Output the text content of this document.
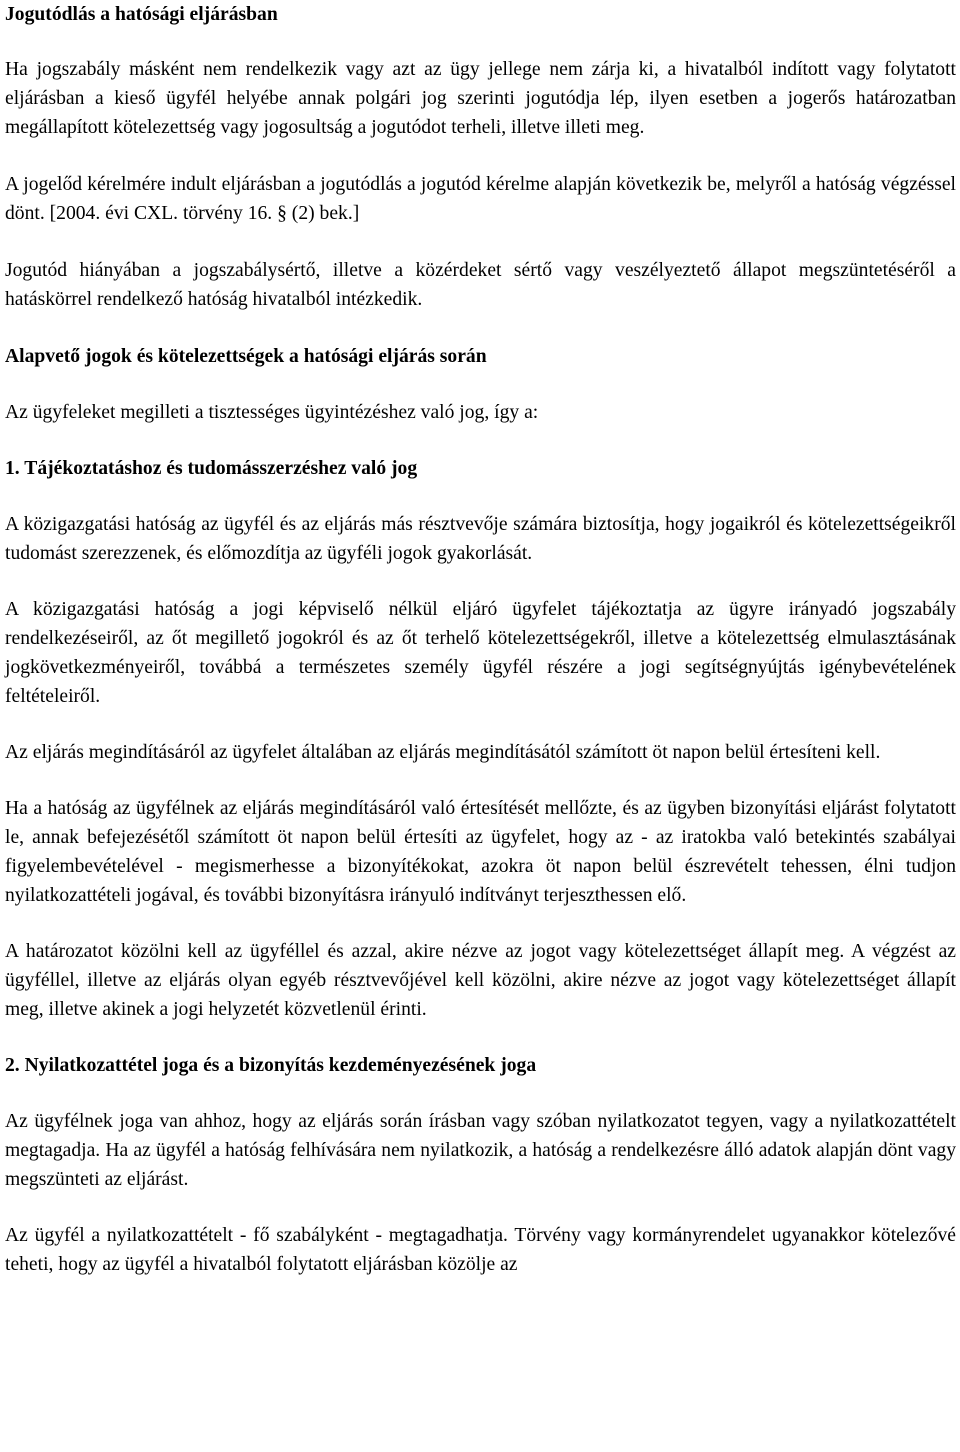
Jogutódlás a hatósági eljárásban

Ha jogszabály másként nem rendelkezik vagy azt az ügy jellege nem zárja ki, a hivatalból indított vagy folytatott eljárásban a kieső ügyfél helyébe annak polgári jog szerinti jogutódja lép, ilyen esetben a jogerős határozatban megállapított kötelezettség vagy jogosultság a jogutódot terheli, illetve illeti meg.

A jogelőd kérelmére indult eljárásban a jogutódlás a jogutód kérelme alapján következik be, melyről a hatóság végzéssel dönt. [2004. évi CXL. törvény 16. § (2) bek.]

Jogutód hiányában a jogszabálysértő, illetve a közérdeket sértő vagy veszélyeztető állapot megszüntetéséről a hatáskörrel rendelkező hatóság hivatalból intézkedik.

Alapvető jogok és kötelezettségek a hatósági eljárás során

Az ügyfeleket megilleti a tisztességes ügyintézéshez való jog, így a:

1. Tájékoztatáshoz és tudomásszerzéshez való jog

A közigazgatási hatóság az ügyfél és az eljárás más résztvevője számára biztosítja, hogy jogaikról és kötelezettségeikről tudomást szerezzenek, és előmozdítja az ügyféli jogok gyakorlását.

A közigazgatási hatóság a jogi képviselő nélkül eljáró ügyfelet tájékoztatja az ügyre irányadó jogszabály rendelkezéseiről, az őt megillető jogokról és az őt terhelő kötelezettségekről, illetve a kötelezettség elmulasztásának jogkövetkezményeiről, továbbá a természetes személy ügyfél részére a jogi segítségnyújtás igénybevételének feltételeiről.

Az eljárás megindításáról az ügyfelet általában az eljárás megindításától számított öt napon belül értesíteni kell.

Ha a hatóság az ügyfélnek az eljárás megindításáról való értesítését mellőzte, és az ügyben bizonyítási eljárást folytatott le, annak befejezésétől számított öt napon belül értesíti az ügyfelet, hogy az - az iratokba való betekintés szabályai figyelembevételével - megismerhesse a bizonyítékokat, azokra öt napon belül észrevételt tehessen, élni tudjon nyilatkozattételi jogával, és további bizonyításra irányuló indítványt terjeszthessen elő.

A határozatot közölni kell az ügyféllel és azzal, akire nézve az jogot vagy kötelezettséget állapít meg. A végzést az ügyféllel, illetve az eljárás olyan egyéb résztvevőjével kell közölni, akire nézve az jogot vagy kötelezettséget állapít meg, illetve akinek a jogi helyzetét közvetlenül érinti.

2. Nyilatkozattétel joga és a bizonyítás kezdeményezésének joga

Az ügyfélnek joga van ahhoz, hogy az eljárás során írásban vagy szóban nyilatkozatot tegyen, vagy a nyilatkozattételt megtagadja. Ha az ügyfél a hatóság felhívására nem nyilatkozik, a hatóság a rendelkezésre álló adatok alapján dönt vagy megszünteti az eljárást.

Az ügyfél a nyilatkozattételt - fő szabályként - megtagadhatja. Törvény vagy kormányrendelet ugyanakkor kötelezővé teheti, hogy az ügyfél a hivatalból folytatott eljárásban közölje az
